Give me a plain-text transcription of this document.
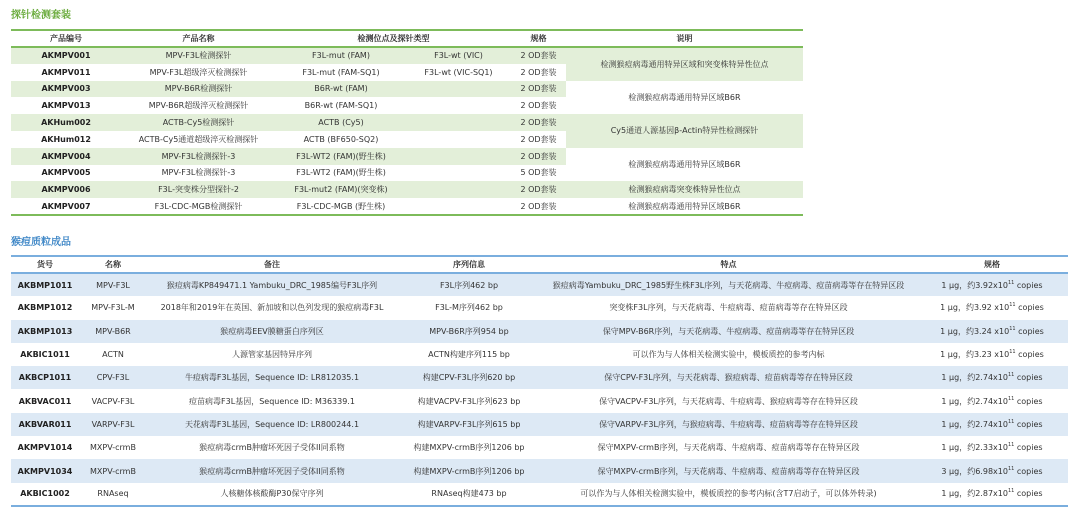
探针检测套装
产品编号	产品名称	检测位点及探针类型		规格	说明
AKMPV001	MPV-F3L检测探针	F3L-mut (FAM)	F3L-wt (VIC)	2 OD套装	检测猴痘病毒通用特异区域和突变株特异性位点
AKMPV011	MPV-F3L超级淬灭检测探针	F3L-mut (FAM-SQ1)	F3L-wt (VIC-SQ1)	2 OD套装	
AKMPV003	MPV-B6R检测探针	B6R-wt (FAM)		2 OD套装	检测猴痘病毒通用特异区域B6R
AKMPV013	MPV-B6R超级淬灭检测探针	B6R-wt (FAM-SQ1)		2 OD套装	
AKHum002	ACTB-Cy5检测探针	ACTB (Cy5)		2 OD套装	Cy5通道人源基因β-Actin特异性检测探针
AKHum012	ACTB-Cy5通道超级淬灭检测探针	ACTB (BF650-SQ2)		2 OD套装	
AKMPV004	MPV-F3L检测探针-3	F3L-WT2 (FAM)(野生株)		2 OD套装	检测猴痘病毒通用特异区域B6R
AKMPV005	MPV-F3L检测探针-3	F3L-WT2 (FAM)(野生株)		5 OD套装	
AKMPV006	F3L-突变株分型探针-2	F3L-mut2 (FAM)(突变株)		2 OD套装	检测猴痘病毒突变株特异性位点
AKMPV007	F3L-CDC-MGB检测探针	F3L-CDC-MGB (野生株)		2 OD套装	检测猴痘病毒通用特异区域B6R
猴痘质粒成品
货号	名称	备注	序列信息	特点	规格
AKBMP1011	MPV-F3L	猴痘病毒KP849471.1 Yambuku_DRC_1985编号F3L序列	F3L序列462 bp	猴痘病毒Yambuku_DRC_1985野生株F3L序列，与天花病毒、牛痘病毒、痘苗病毒等存在特异区段	1 μg，约$3.92x10^{11}$ copies
AKBMP1012	MPV-F3L-M	2018年和2019年在英国、新加坡和以色列发现的猴痘病毒F3L	F3L-M序列462 bp	突变株F3L序列，与天花病毒、牛痘病毒、痘苗病毒等存在特异区段	1 μg，约3.92 $x10^{11}$ copies
AKBMP1013	MPV-B6R	猴痘病毒EEV膜糖蛋白序列区	MPV-B6R序列954 bp	保守MPV-B6R序列，与天花病毒、牛痘病毒、痘苗病毒等存在特异区段	1 μg，约3.24 $x10^{11}$ copies
AKBIC1011	ACTN	人源管家基因特异序列	ACTN构建序列115 bp	可以作为与人体相关检测实验中，模板质控的参考内标	1 μg，约3.23 $x10^{11}$ copies
AKBCP1011	CPV-F3L	牛痘病毒F3L基因，Sequence ID: LR812035.1	构建CPV-F3L序列620 bp	保守CPV-F3L序列，与天花病毒、猴痘病毒、痘苗病毒等存在特异区段	1 μg，约$2.74x10^{11}$ copies
AKBVAC011	VACPV-F3L	痘苗病毒F3L基因，Sequence ID: M36339.1	构建VACPV-F3L序列623 bp	保守VACPV-F3L序列，与天花病毒、牛痘病毒、猴痘病毒等存在特异区段	1 μg，约$2.74x10^{11}$ copies
AKBVAR011	VARPV-F3L	天花病毒F3L基因，Sequence ID: LR800244.1	构建VARPV-F3L序列615 bp	保守VARPV-F3L序列，与猴痘病毒、牛痘病毒、痘苗病毒等存在特异区段	1 μg，约$2.74x10^{11}$ copies
AKMPV1014	MXPV-crmB	猴痘病毒crmB肿瘤坏死因子受体II同系物	构建MXPV-crmB序列1206 bp	保守MXPV-crmB序列，与天花病毒、牛痘病毒、痘苗病毒等存在特异区段	1 μg，约$2.33x10^{11}$ copies
AKMPV1034	MXPV-crmB	猴痘病毒crmB肿瘤坏死因子受体II同系物	构建MXPV-crmB序列1206 bp	保守MXPV-crmB序列，与天花病毒、牛痘病毒、痘苗病毒等存在特异区段	3 μg，约$6.98x10^{11}$ copies
AKBIC1002	RNAseq	人核糖体核酸酶P30保守序列	RNAseq构建473 bp	可以作为与人体相关检测实验中，模板质控的参考内标(含T7启动子，可以体外转录)	1 μg，约$2.87x10^{11}$ copies
